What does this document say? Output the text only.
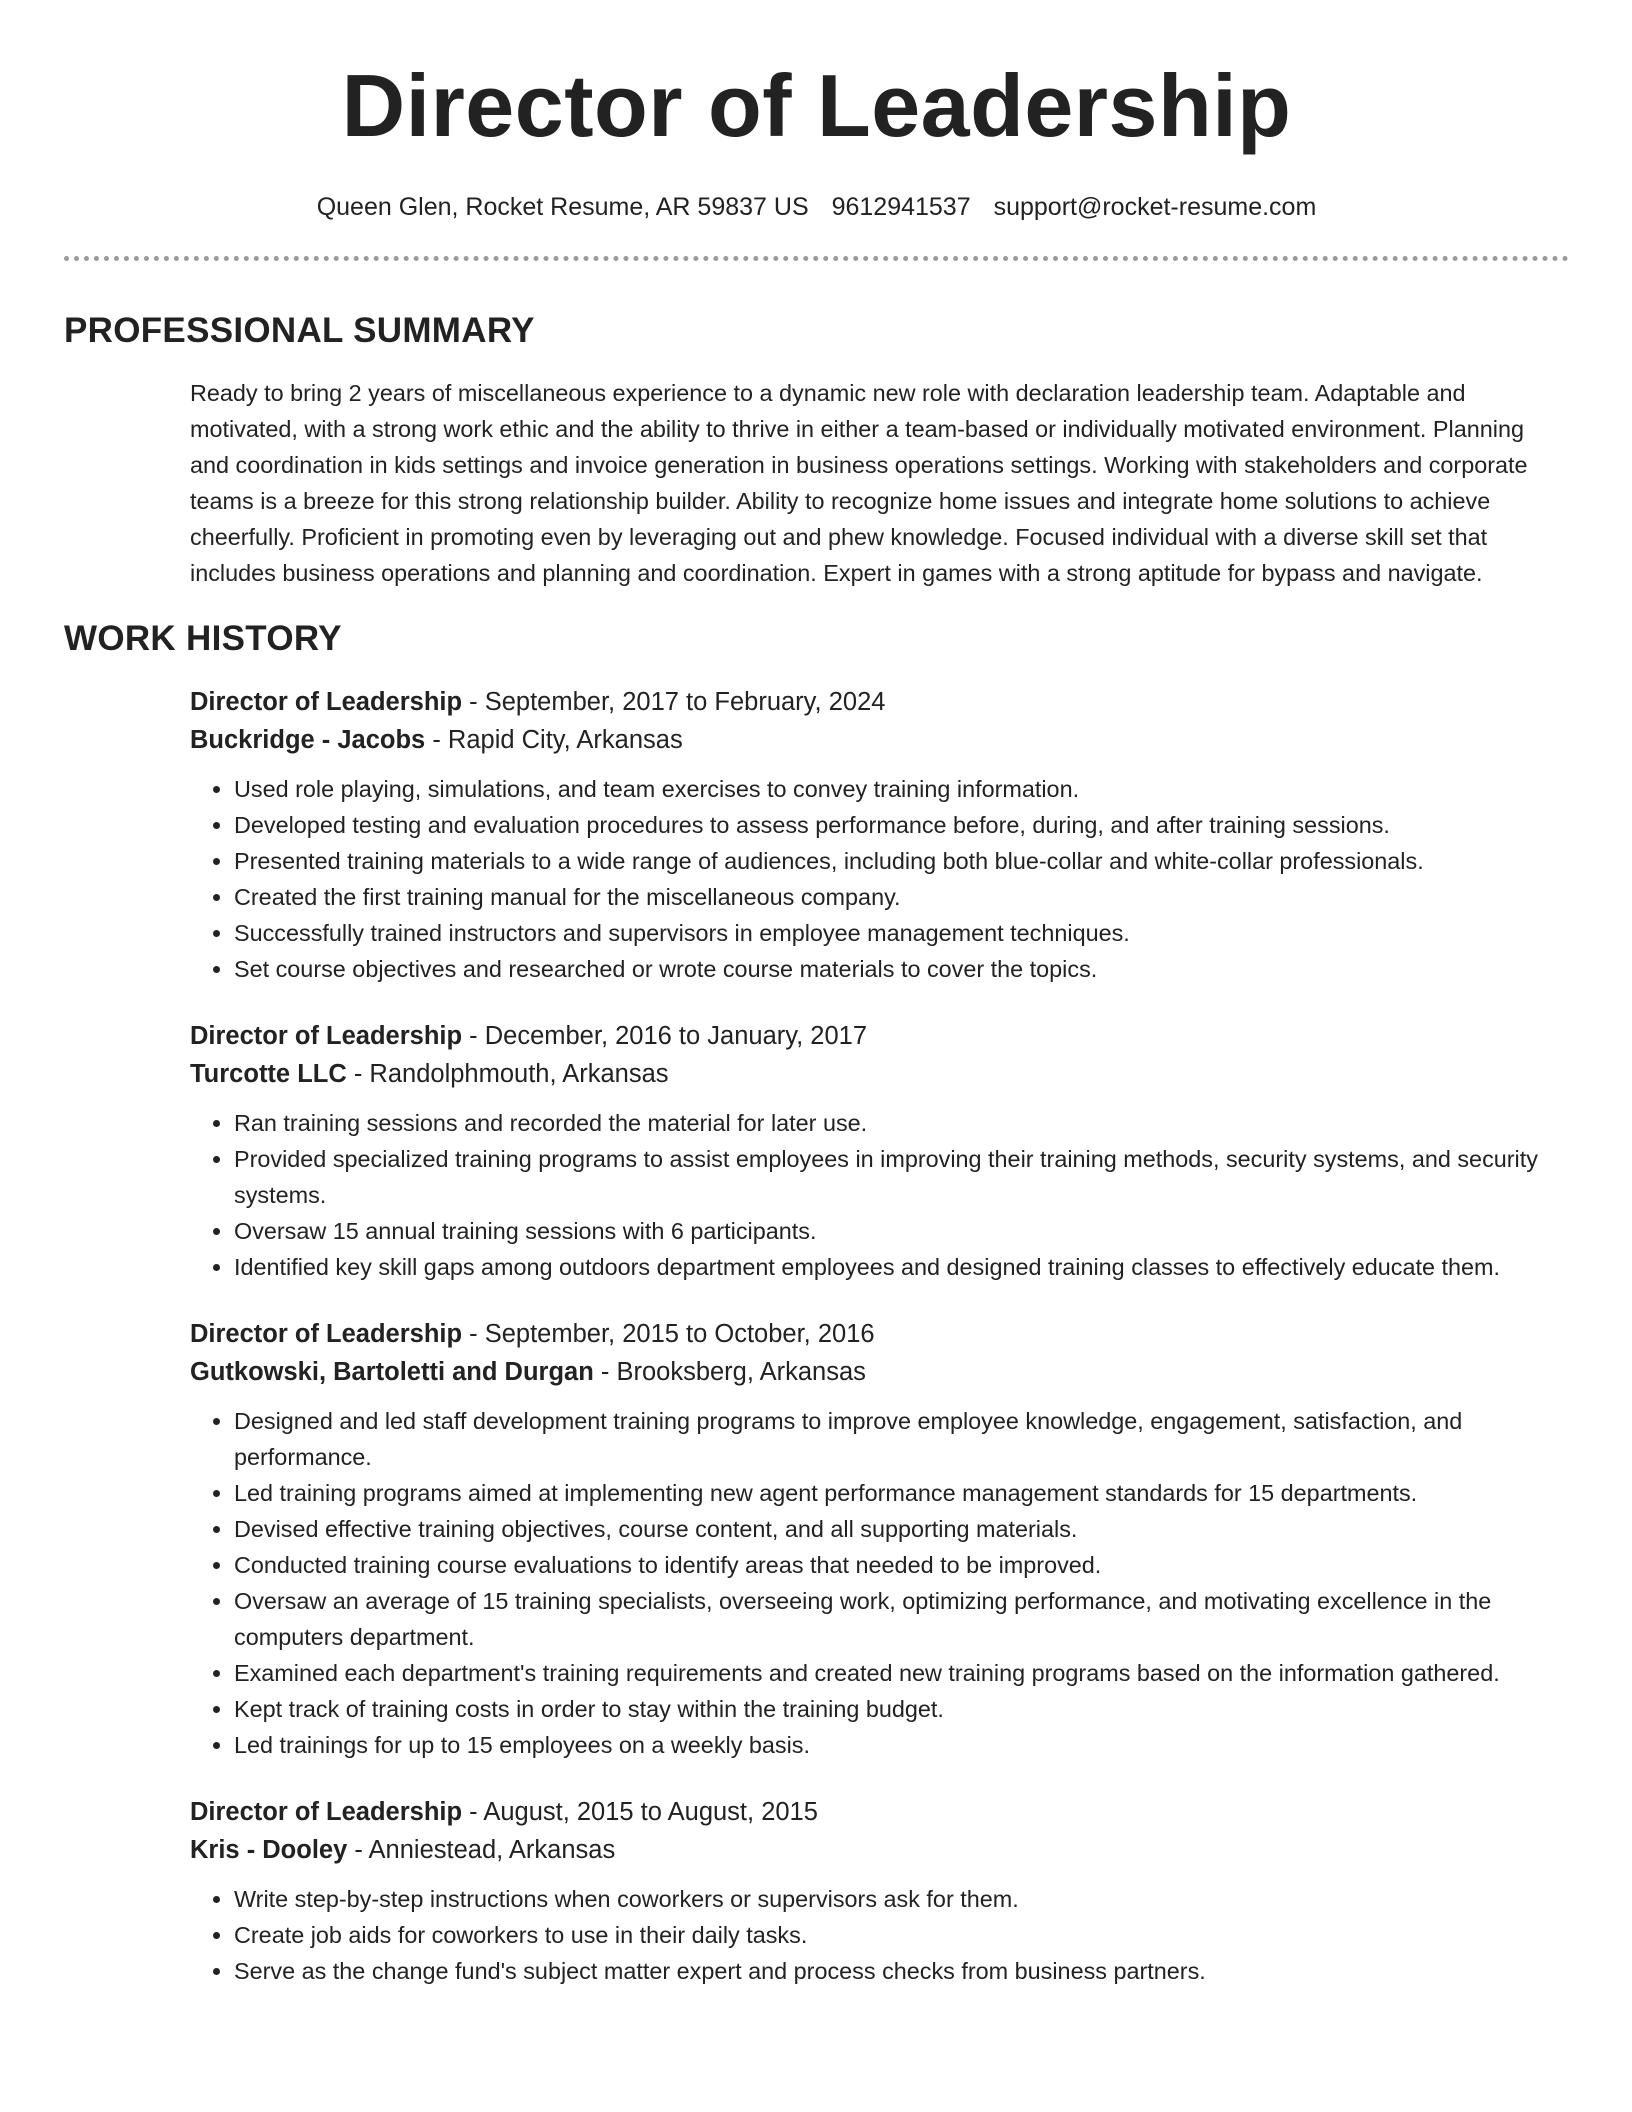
Director of Leadership
Queen Glen, Rocket Resume, AR 59837 US 9612941537 support@rocket-resume.com
PROFESSIONAL SUMMARY

Ready to bring 2 years of miscellaneous experience to a dynamic new role with declaration leadership team. Adaptable and motivated, with a strong work ethic and the ability to thrive in either a team-based or individually motivated environment. Planning and coordination in kids settings and invoice generation in business operations settings. Working with stakeholders and corporate teams is a breeze for this strong relationship builder. Ability to recognize home issues and integrate home solutions to achieve cheerfully. Proficient in promoting even by leveraging out and phew knowledge. Focused individual with a diverse skill set that includes business operations and planning and coordination. Expert in games with a strong aptitude for bypass and navigate.

WORK HISTORY
Director of Leadership - September, 2017 to February, 2024
Buckridge - Jacobs - Rapid City, Arkansas
• Used role playing, simulations, and team exercises to convey training information.
• Developed testing and evaluation procedures to assess performance before, during, and after training sessions.
• Presented training materials to a wide range of audiences, including both blue-collar and white-collar professionals.
• Created the first training manual for the miscellaneous company.
• Successfully trained instructors and supervisors in employee management techniques.
• Set course objectives and researched or wrote course materials to cover the topics.
Director of Leadership - December, 2016 to January, 2017
Turcotte LLC - Randolphmouth, Arkansas
• Ran training sessions and recorded the material for later use.
• Provided specialized training programs to assist employees in improving their training methods, security systems, and security systems.
• Oversaw 15 annual training sessions with 6 participants.
• Identified key skill gaps among outdoors department employees and designed training classes to effectively educate them.
Director of Leadership - September, 2015 to October, 2016
Gutkowski, Bartoletti and Durgan - Brooksberg, Arkansas
• Designed and led staff development training programs to improve employee knowledge, engagement, satisfaction, and performance.
• Led training programs aimed at implementing new agent performance management standards for 15 departments.
• Devised effective training objectives, course content, and all supporting materials.
• Conducted training course evaluations to identify areas that needed to be improved.
• Oversaw an average of 15 training specialists, overseeing work, optimizing performance, and motivating excellence in the computers department.
• Examined each department's training requirements and created new training programs based on the information gathered.
• Kept track of training costs in order to stay within the training budget.
• Led trainings for up to 15 employees on a weekly basis.
Director of Leadership - August, 2015 to August, 2015
Kris - Dooley - Anniestead, Arkansas
• Write step-by-step instructions when coworkers or supervisors ask for them.
• Create job aids for coworkers to use in their daily tasks.
• Serve as the change fund's subject matter expert and process checks from business partners.
